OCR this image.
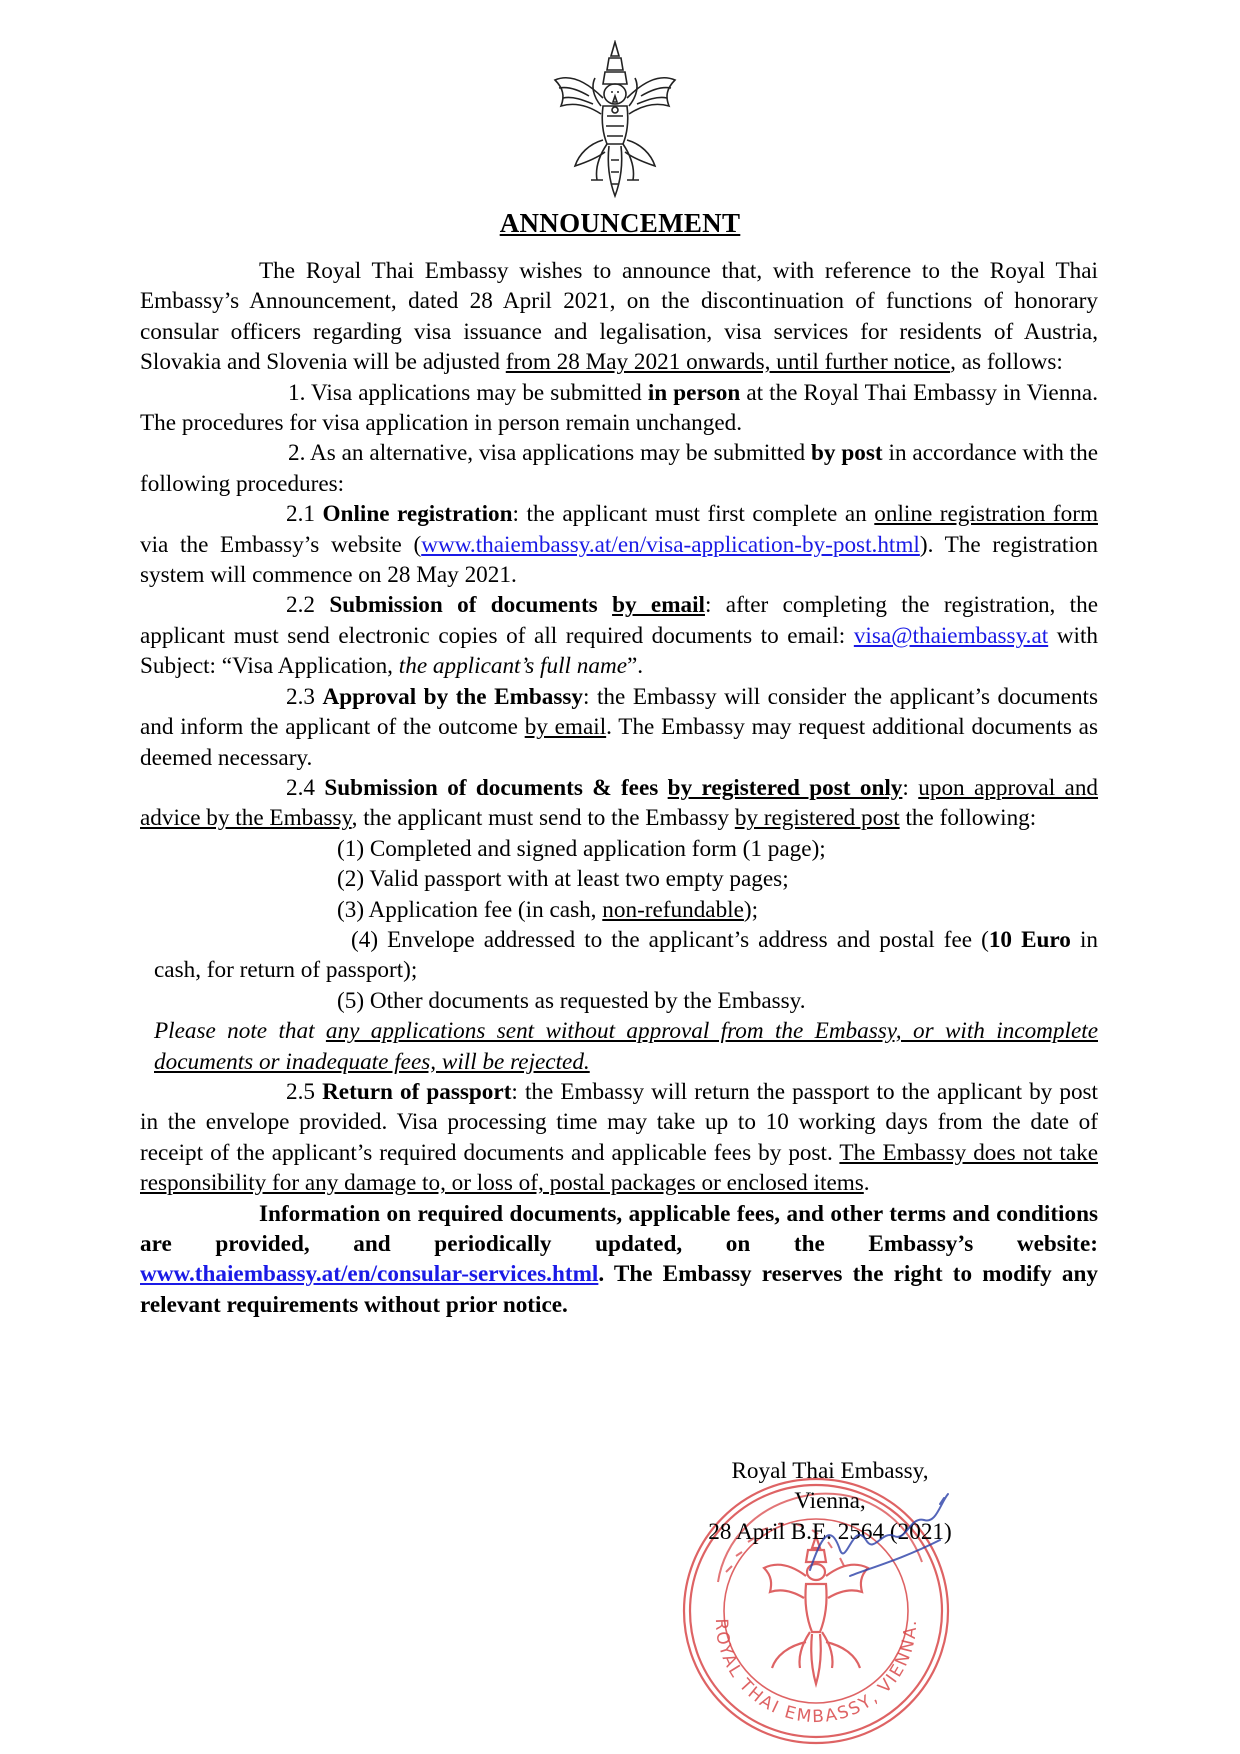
ANNOUNCEMENT

The Royal Thai Embassy wishes to announce that, with reference to the Royal Thai Embassy’s Announcement, dated 28 April 2021, on the discontinuation of functions of honorary consular officers regarding visa issuance and legalisation, visa services for residents of Austria, Slovakia and Slovenia will be adjusted from 28 May 2021 onwards, until further notice, as follows:

1. Visa applications may be submitted in person at the Royal Thai Embassy in Vienna. The procedures for visa application in person remain unchanged.

2. As an alternative, visa applications may be submitted by post in accordance with the following procedures:

2.1 Online registration: the applicant must first complete an online registration form via the Embassy’s website (www.thaiembassy.at/en/visa-application-by-post.html). The registration system will commence on 28 May 2021.

2.2 Submission of documents by email: after completing the registration, the applicant must send electronic copies of all required documents to email: visa@thaiembassy.at with Subject: “Visa Application, the applicant’s full name”.

2.3 Approval by the Embassy: the Embassy will consider the applicant’s documents and inform the applicant of the outcome by email. The Embassy may request additional documents as deemed necessary.

2.4 Submission of documents & fees by registered post only: upon approval and advice by the Embassy, the applicant must send to the Embassy by registered post the following:

(1) Completed and signed application form (1 page);

(2) Valid passport with at least two empty pages;

(3) Application fee (in cash, non-refundable);

(4) Envelope addressed to the applicant’s address and postal fee (10 Euro in cash, for return of passport);

(5) Other documents as requested by the Embassy.

Please note that any applications sent without approval from the Embassy, or with incomplete documents or inadequate fees, will be rejected.

2.5 Return of passport: the Embassy will return the passport to the applicant by post in the envelope provided. Visa processing time may take up to 10 working days from the date of receipt of the applicant’s required documents and applicable fees by post. The Embassy does not take responsibility for any damage to, or loss of, postal packages or enclosed items.

Information on required documents, applicable fees, and other terms and conditions are provided, and periodically updated, on the Embassy’s website: www.thaiembassy.at/en/consular-services.html. The Embassy reserves the right to modify any relevant requirements without prior notice.

ROYAL THAI EMBASSY, VIENNA.
Royal Thai Embassy,
Vienna,
28 April B.E. 2564 (2021)
